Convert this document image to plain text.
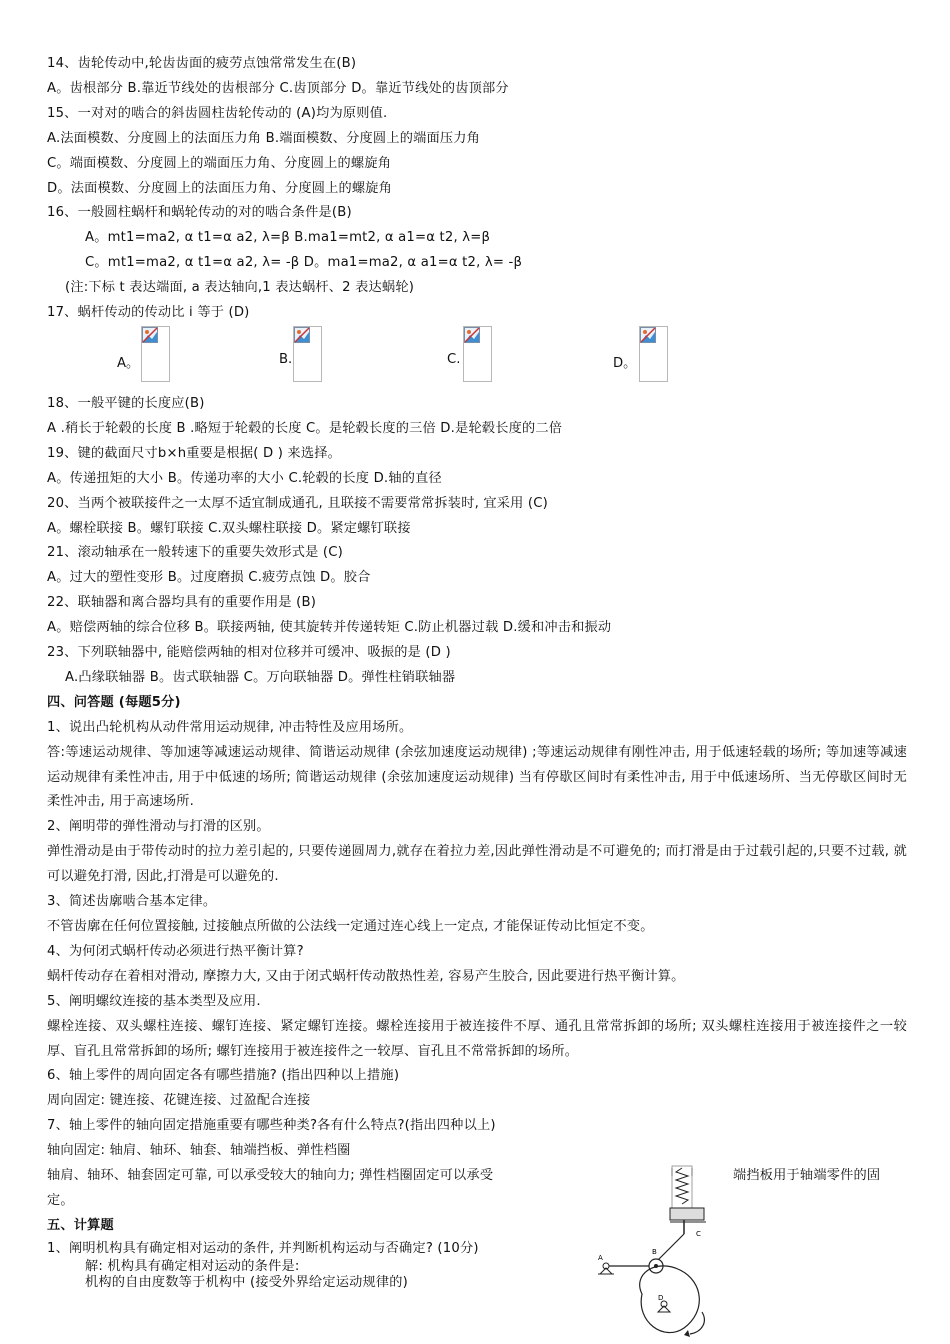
14、齿轮传动中,轮齿齿面的疲劳点蚀常常发生在(B)
A。齿根部分 B.靠近节线处的齿根部分 C.齿顶部分 D。靠近节线处的齿顶部分
15、一对对的啮合的斜齿圆柱齿轮传动的 (A)均为原则值.
A.法面模数、分度圆上的法面压力角 B.端面模数、分度圆上的端面压力角
C。端面模数、分度圆上的端面压力角、分度圆上的螺旋角
D。法面模数、分度圆上的法面压力角、分度圆上的螺旋角
16、一般圆柱蜗杆和蜗轮传动的对的啮合条件是(B)
A。mt1=ma2, α t1=α a2, λ=β B.ma1=mt2, α a1=α t2, λ=β
C。mt1=ma2, α t1=α a2, λ= -β D。ma1=ma2, α a1=α t2, λ= -β
(注:下标 t 表达端面, a 表达轴向,1 表达蜗杆、2 表达蜗轮)
17、蜗杆传动的传动比 i 等于 (D)
A。	B.	C.	D。
18、一般平键的长度应(B)
A .稍长于轮毂的长度 B .略短于轮毂的长度 C。是轮毂长度的三倍 D.是轮毂长度的二倍
19、键的截面尺寸b×h重要是根据( D ) 来选择。
A。传递扭矩的大小 B。传递功率的大小 C.轮毂的长度 D.轴的直径
20、当两个被联接件之一太厚不适宜制成通孔, 且联接不需要常常拆装时, 宜采用 (C)
A。螺栓联接 B。螺钉联接 C.双头螺柱联接 D。紧定螺钉联接
21、滚动轴承在一般转速下的重要失效形式是 (C)
A。过大的塑性变形 B。过度磨损 C.疲劳点蚀 D。胶合
22、联轴器和离合器均具有的重要作用是 (B)
A。赔偿两轴的综合位移 B。联接两轴, 使其旋转并传递转矩 C.防止机器过载 D.缓和冲击和振动
23、下列联轴器中, 能赔偿两轴的相对位移并可缓冲、吸振的是 (D )
A.凸缘联轴器 B。齿式联轴器 C。万向联轴器 D。弹性柱销联轴器
四、问答题 (每题5分)
1、说出凸轮机构从动件常用运动规律, 冲击特性及应用场所。
答:等速运动规律、等加速等减速运动规律、简谐运动规律 (余弦加速度运动规律) ;等速运动规律有刚性冲击, 用于低速轻载的场所; 等加速等减速运动规律有柔性冲击, 用于中低速的场所; 简谐运动规律 (余弦加速度运动规律) 当有停歇区间时有柔性冲击, 用于中低速场所、当无停歇区间时无柔性冲击, 用于高速场所.
2、阐明带的弹性滑动与打滑的区别。
弹性滑动是由于带传动时的拉力差引起的, 只要传递圆周力,就存在着拉力差,因此弹性滑动是不可避免的; 而打滑是由于过载引起的,只要不过载, 就可以避免打滑, 因此,打滑是可以避免的.
3、简述齿廓啮合基本定律。
不管齿廓在任何位置接触, 过接触点所做的公法线一定通过连心线上一定点, 才能保证传动比恒定不变。
4、为何闭式蜗杆传动必须进行热平衡计算?
蜗杆传动存在着相对滑动, 摩擦力大, 又由于闭式蜗杆传动散热性差, 容易产生胶合, 因此要进行热平衡计算。
5、阐明螺纹连接的基本类型及应用.
螺栓连接、双头螺柱连接、螺钉连接、紧定螺钉连接。螺栓连接用于被连接件不厚、通孔且常常拆卸的场所; 双头螺柱连接用于被连接件之一较厚、盲孔且常常拆卸的场所; 螺钉连接用于被连接件之一较厚、盲孔且不常常拆卸的场所。
6、轴上零件的周向固定各有哪些措施? (指出四种以上措施)
周向固定: 键连接、花键连接、过盈配合连接
7、轴上零件的轴向固定措施重要有哪些种类?各有什么特点?(指出四种以上)
轴向固定: 轴肩、轴环、轴套、轴端挡板、弹性档圈
轴肩、轴环、轴套固定可靠, 可以承受较大的轴向力; 弹性档圈固定可以承受	端挡板用于轴端零件的固
定。
五、计算题
1、阐明机构具有确定相对运动的条件, 并判断机构运动与否确定? (10分)
解: 机构具有确定相对运动的条件是:
机构的自由度数等于机构中 (接受外界给定运动规律的)
A
B
C
D
